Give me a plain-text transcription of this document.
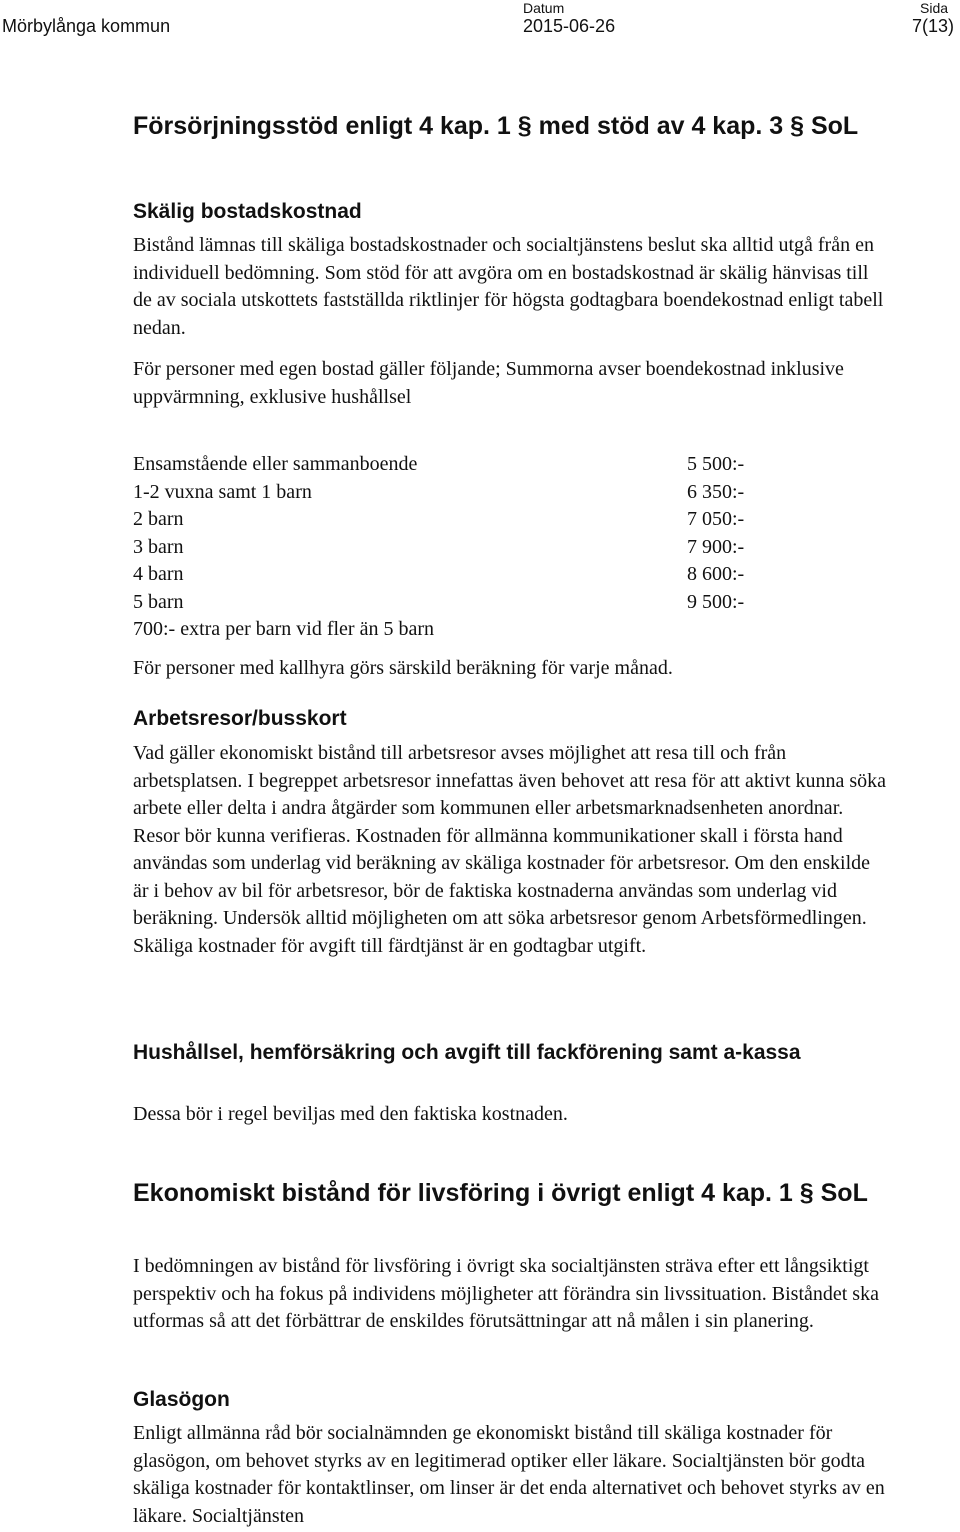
Mörbylånga kommun
Datum
2015-06-26
Sida
7(13)
Försörjningsstöd enligt 4 kap. 1 § med stöd av 4 kap. 3 § SoL
Skälig bostadskostnad

Bistånd lämnas till skäliga bostadskostnader och socialtjänstens beslut ska alltid utgå från en individuell bedömning. Som stöd för att avgöra om en bostadskostnad är skälig hänvisas till de av sociala utskottets fastställda riktlinjer för högsta godtagbara boendekostnad enligt tabell nedan.

För personer med egen bostad gäller följande; Summorna avser boendekostnad inklusive uppvärmning, exklusive hushållsel

Ensamstående eller sammanboende	5 500:-
1-2 vuxna samt 1 barn	6 350:-
2 barn	7 050:-
3 barn	7 900:-
4 barn	8 600:-
5 barn	9 500:-
700:- extra per barn vid fler än 5 barn

För personer med kallhyra görs särskild beräkning för varje månad.

Arbetsresor/busskort

Vad gäller ekonomiskt bistånd till arbetsresor avses möjlighet att resa till och från arbetsplatsen. I begreppet arbetsresor innefattas även behovet att resa för att aktivt kunna söka arbete eller delta i andra åtgärder som kommunen eller arbetsmarknadsenheten anordnar. Resor bör kunna verifieras. Kostnaden för allmänna kommunikationer skall i första hand användas som underlag vid beräkning av skäliga kostnader för arbetsresor. Om den enskilde är i behov av bil för arbetsresor, bör de faktiska kostnaderna användas som underlag vid beräkning. Undersök alltid möjligheten om att söka arbetsresor genom Arbetsförmedlingen. Skäliga kostnader för avgift till färdtjänst är en godtagbar utgift.

Hushållsel, hemförsäkring och avgift till fackförening samt a-kassa

Dessa bör i regel beviljas med den faktiska kostnaden.

Ekonomiskt bistånd för livsföring i övrigt enligt 4 kap. 1 § SoL

I bedömningen av bistånd för livsföring i övrigt ska socialtjänsten sträva efter ett långsiktigt perspektiv och ha fokus på individens möjligheter att förändra sin livssituation. Biståndet ska utformas så att det förbättrar de enskildes förutsättningar att nå målen i sin planering.

Glasögon

Enligt allmänna råd bör socialnämnden ge ekonomiskt bistånd till skäliga kostnader för glasögon, om behovet styrks av en legitimerad optiker eller läkare. Socialtjänsten bör godta skäliga kostnader för kontaktlinser, om linser är det enda alternativet och behovet styrks av en läkare. Socialtjänsten
